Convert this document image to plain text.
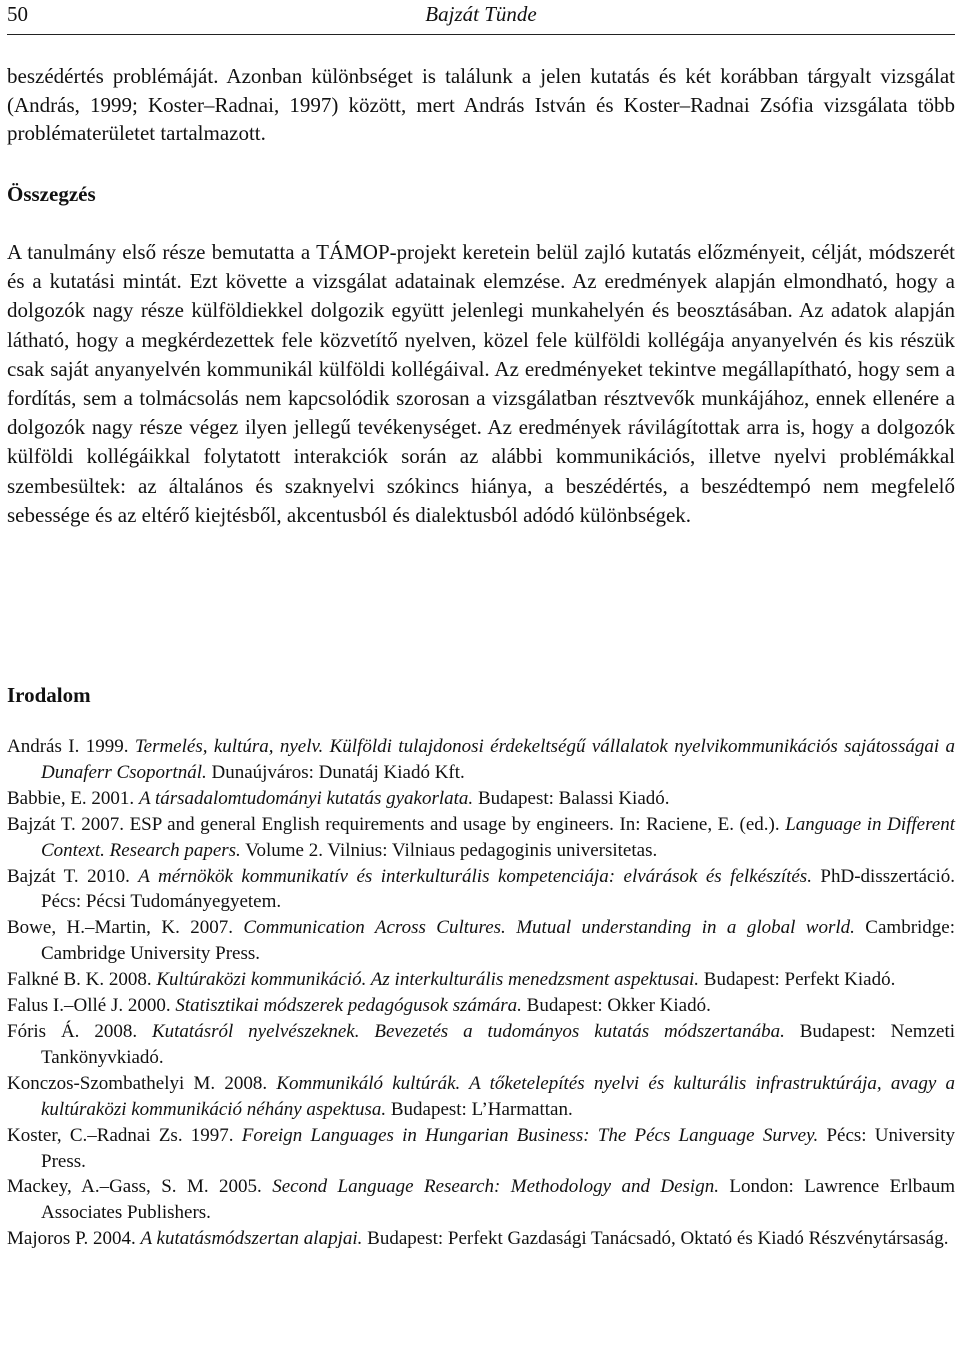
50	Bajzát Tünde

beszédértés problémáját. Azonban különbséget is találunk a jelen kutatás és két korábban tárgyalt vizsgálat (András, 1999; Koster–Radnai, 1997) között, mert András István és Koster–Radnai Zsófia vizsgálata több problématerületet tartalmazott.

Összegzés

A tanulmány első része bemutatta a TÁMOP-projekt keretein belül zajló kutatás előzményeit, célját, módszerét és a kutatási mintát. Ezt követte a vizsgálat adatainak elemzése. Az eredmények alapján elmondható, hogy a dolgozók nagy része külföldiekkel dolgozik együtt jelenlegi munkahelyén és beosztásában. Az adatok alapján látható, hogy a megkérdezettek fele közvetítő nyelven, közel fele külföldi kollégája anyanyelvén és kis részük csak saját anyanyelvén kommunikál külföldi kollégáival. Az eredményeket tekintve megállapítható, hogy sem a fordítás, sem a tolmácsolás nem kapcsolódik szorosan a vizsgálatban résztvevők munkájához, ennek ellenére a dolgozók nagy része végez ilyen jellegű tevékenységet. Az eredmények rávilágítottak arra is, hogy a dolgozók külföldi kollégáikkal folytatott interakciók során az alábbi kommunikációs, illetve nyelvi problémákkal szembesültek: az általános és szaknyelvi szókincs hiánya, a beszédértés, a beszédtempó nem megfelelő sebessége és az eltérő kiejtésből, akcentusból és dialektusból adódó különbségek.

Irodalom

András I. 1999. Termelés, kultúra, nyelv. Külföldi tulajdonosi érdekeltségű vállalatok nyelvikommunikációs sajátosságai a Dunaferr Csoportnál. Dunaújváros: Dunatáj Kiadó Kft.

Babbie, E. 2001. A társadalomtudományi kutatás gyakorlata. Budapest: Balassi Kiadó.

Bajzát T. 2007. ESP and general English requirements and usage by engineers. In: Raciene, E. (ed.). Language in Different Context. Research papers. Volume 2. Vilnius: Vilniaus pedagoginis universitetas.

Bajzát T. 2010. A mérnökök kommunikatív és interkulturális kompetenciája: elvárások és felkészítés. PhD-disszertáció. Pécs: Pécsi Tudományegyetem.

Bowe, H.–Martin, K. 2007. Communication Across Cultures. Mutual understanding in a global world. Cambridge: Cambridge University Press.

Falkné B. K. 2008. Kultúraközi kommunikáció. Az interkulturális menedzsment aspektusai. Budapest: Perfekt Kiadó.

Falus I.–Ollé J. 2000. Statisztikai módszerek pedagógusok számára. Budapest: Okker Kiadó.

Fóris Á. 2008. Kutatásról nyelvészeknek. Bevezetés a tudományos kutatás módszertanába. Budapest: Nemzeti Tankönyvkiadó.

Konczos-Szombathelyi M. 2008. Kommunikáló kultúrák. A tőketelepítés nyelvi és kulturális infrastruktúrája, avagy a kultúraközi kommunikáció néhány aspektusa. Budapest: L’Harmattan.

Koster, C.–Radnai Zs. 1997. Foreign Languages in Hungarian Business: The Pécs Language Survey. Pécs: University Press.

Mackey, A.–Gass, S. M. 2005. Second Language Research: Methodology and Design. London: Lawrence Erlbaum Associates Publishers.

Majoros P. 2004. A kutatásmódszertan alapjai. Budapest: Perfekt Gazdasági Tanácsadó, Oktató és Kiadó Részvénytársaság.
